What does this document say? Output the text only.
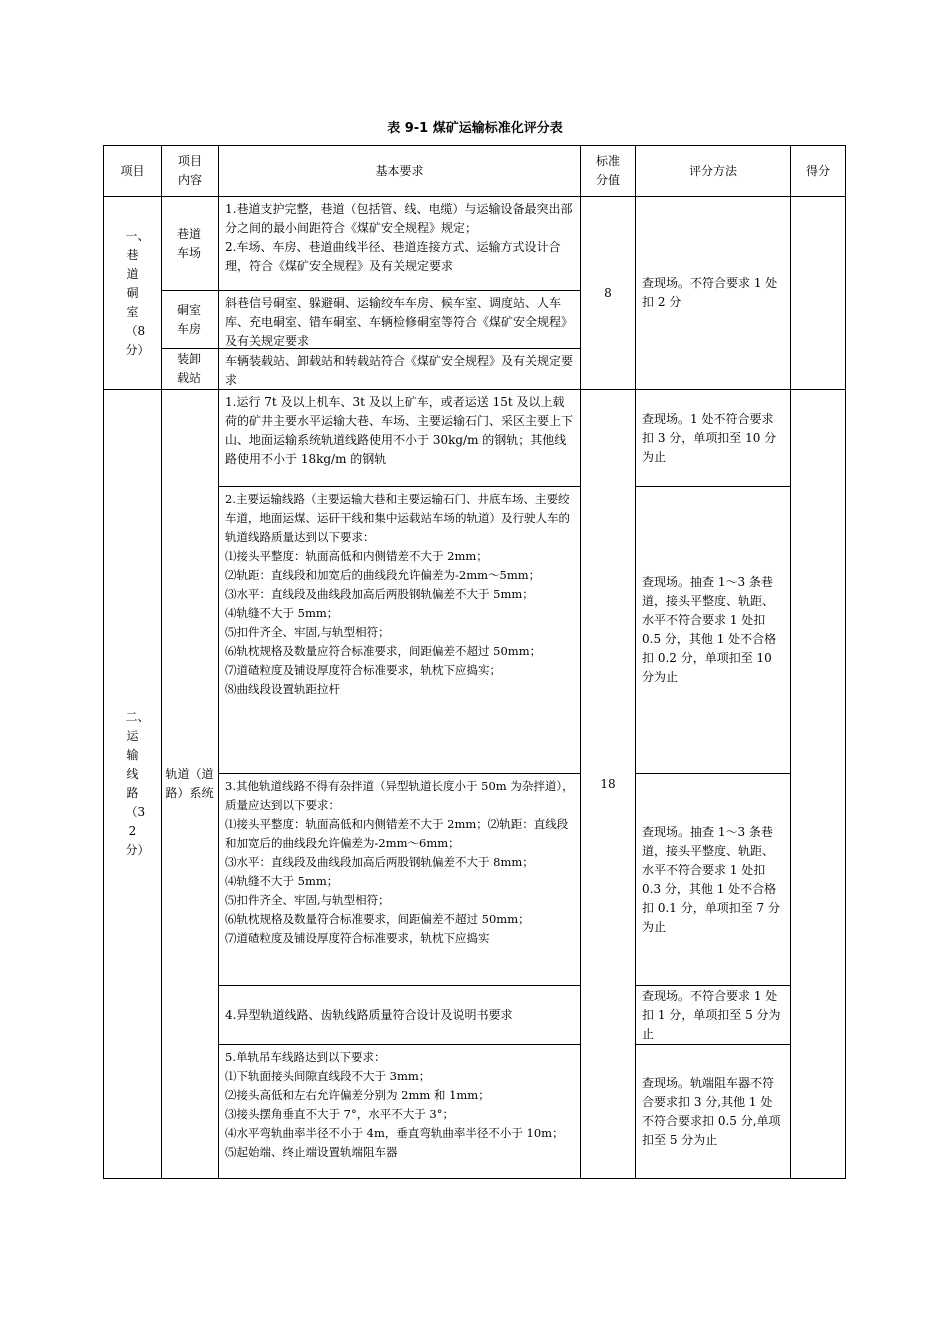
表 9-1 煤矿运输标准化评分表
项目
项目内容
基本要求
标准分值
评分方法	得分
一、巷道硐室（8分）
巷道车场
1.巷道支护完整，巷道（包括管、线、电缆）与运输设备最突出部分之间的最小间距符合《煤矿安全规程》规定；
2.车场、车房、巷道曲线半径、巷道连接方式、运输方式设计合理，符合《煤矿安全规程》及有关规定要求
硐室车房
斜巷信号硐室、躲避硐、运输绞车车房、候车室、调度站、人车库、充电硐室、错车硐室、车辆检修硐室等符合《煤矿安全规程》及有关规定要求
装卸载站
车辆装载站、卸载站和转载站符合《煤矿安全规程》及有关规定要求
8
查现场。不符合要求 1 处扣 2 分
二、运输线路（32分）
轨道（道路）系统
18
1.运行 7t 及以上机车、3t 及以上矿车，或者运送 15t 及以上载荷的矿井主要水平运输大巷、车场、主要运输石门、采区主要上下山、地面运输系统轨道线路使用不小于 30kg/m 的钢轨；其他线路使用不小于 18kg/m 的钢轨
查现场。1 处不符合要求扣 3 分，单项扣至 10 分为止
2.主要运输线路（主要运输大巷和主要运输石门、井底车场、主要绞车道，地面运煤、运矸干线和集中运载站车场的轨道）及行驶人车的轨道线路质量达到以下要求：
⑴接头平整度：轨面高低和内侧错差不大于 2mm；
⑵轨距：直线段和加宽后的曲线段允许偏差为-2mm～5mm；
⑶水平：直线段及曲线段加高后两股钢轨偏差不大于 5mm；
⑷轨缝不大于 5mm；
⑸扣件齐全、牢固,与轨型相符；
⑹轨枕规格及数量应符合标准要求，间距偏差不超过 50mm；
⑺道碴粒度及铺设厚度符合标准要求，轨枕下应捣实；
⑻曲线段设置轨距拉杆
查现场。抽查 1～3 条巷道，接头平整度、轨距、水平不符合要求 1 处扣 0.5 分，其他 1 处不合格扣 0.2 分，单项扣至 10 分为止
3.其他轨道线路不得有杂拌道（异型轨道长度小于 50m 为杂拌道），质量应达到以下要求：
⑴接头平整度：轨面高低和内侧错差不大于 2mm；⑵轨距：直线段和加宽后的曲线段允许偏差为-2mm～6mm；
⑶水平：直线段及曲线段加高后两股钢轨偏差不大于 8mm；
⑷轨缝不大于 5mm；
⑸扣件齐全、牢固,与轨型相符；
⑹轨枕规格及数量符合标准要求，间距偏差不超过 50mm；
⑺道碴粒度及铺设厚度符合标准要求，轨枕下应捣实
查现场。抽查 1～3 条巷道，接头平整度、轨距、水平不符合要求 1 处扣 0.3 分，其他 1 处不合格扣 0.1 分，单项扣至 7 分为止
4.异型轨道线路、齿轨线路质量符合设计及说明书要求
查现场。不符合要求 1 处扣 1 分，单项扣至 5 分为止
5.单轨吊车线路达到以下要求：
⑴下轨面接头间隙直线段不大于 3mm；
⑵接头高低和左右允许偏差分别为 2mm 和 1mm；
⑶接头摆角垂直不大于 7°，水平不大于 3°；
⑷水平弯轨曲率半径不小于 4m，垂直弯轨曲率半径不小于 10m；
⑸起始端、终止端设置轨端阻车器
查现场。轨端阻车器不符合要求扣 3 分,其他 1 处不符合要求扣 0.5 分,单项扣至 5 分为止
